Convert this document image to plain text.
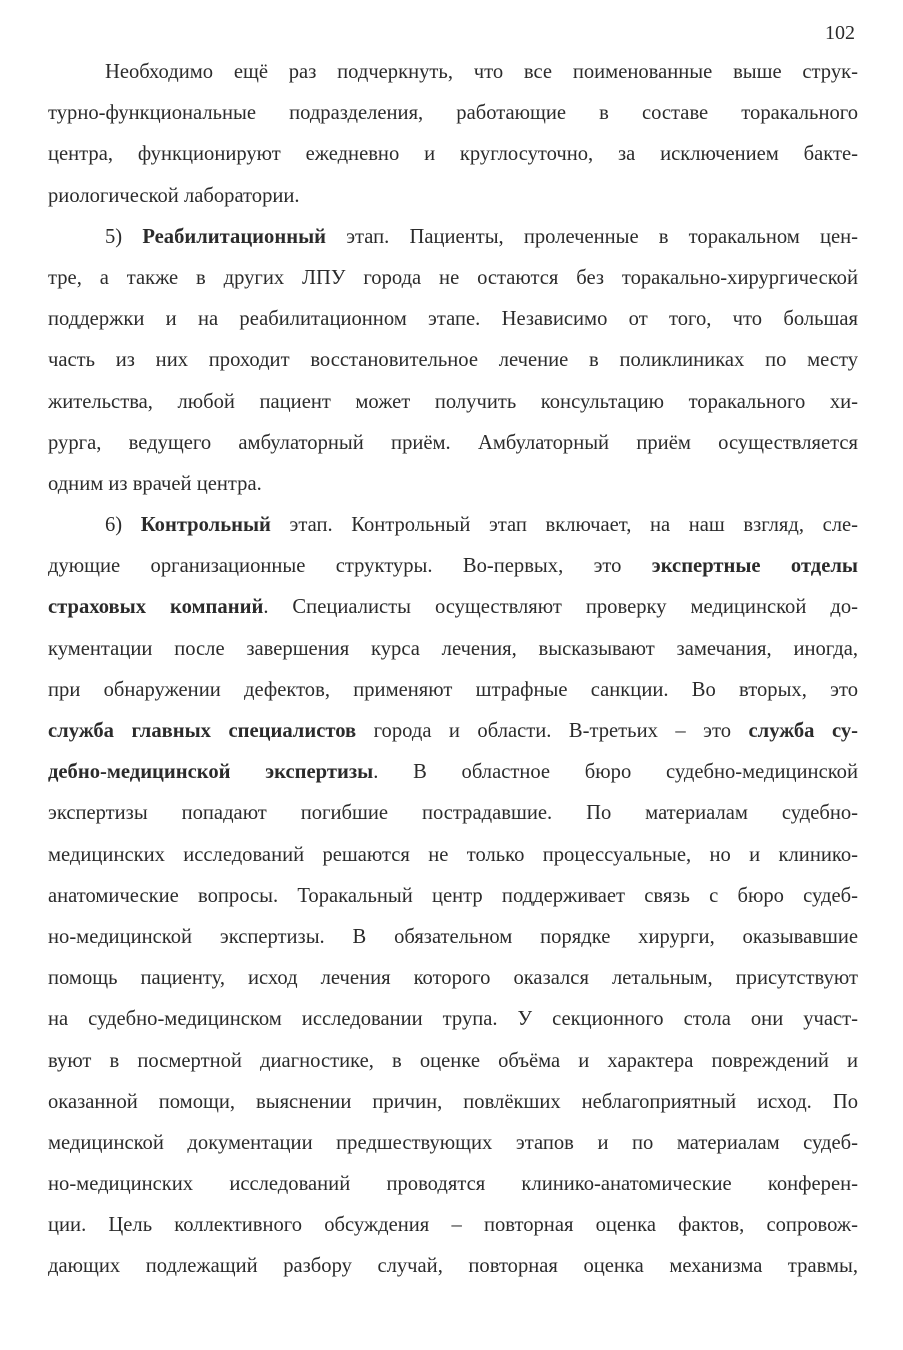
102
Необходимо ещё раз подчеркнуть, что все поименованные выше струк-
турно-функциональные подразделения, работающие в составе торакального
центра, функционируют ежедневно и круглосуточно, за исключением бакте-
риологической лаборатории.
5) Реабилитационный этап. Пациенты, пролеченные в торакальном цен-
тре, а также в других ЛПУ города не остаются без торакально-хирургической
поддержки и на реабилитационном этапе. Независимо от того, что большая
часть из них проходит восстановительное лечение в поликлиниках по месту
жительства, любой пациент может получить консультацию торакального хи-
рурга, ведущего амбулаторный приём. Амбулаторный приём осуществляется
одним из врачей центра.
6) Контрольный этап. Контрольный этап включает, на наш взгляд, сле-
дующие организационные структуры. Во-первых, это экспертные отделы
страховых компаний. Специалисты осуществляют проверку медицинской до-
кументации после завершения курса лечения, высказывают замечания, иногда,
при обнаружении дефектов, применяют штрафные санкции. Во вторых, это
служба главных специалистов города и области. В-третьих – это служба су-
дебно-медицинской экспертизы. В областное бюро судебно-медицинской
экспертизы попадают погибшие пострадавшие. По материалам судебно-
медицинских исследований решаются не только процессуальные, но и клинико-
анатомические вопросы. Торакальный центр поддерживает связь с бюро судеб-
но-медицинской экспертизы. В обязательном порядке хирурги, оказывавшие
помощь пациенту, исход лечения которого оказался летальным, присутствуют
на судебно-медицинском исследовании трупа. У секционного стола они участ-
вуют в посмертной диагностике, в оценке объёма и характера повреждений и
оказанной помощи, выяснении причин, повлёкших неблагоприятный исход. По
медицинской документации предшествующих этапов и по материалам судеб-
но-медицинских исследований проводятся клинико-анатомические конферен-
ции. Цель коллективного обсуждения – повторная оценка фактов, сопровож-
дающих подлежащий разбору случай, повторная оценка механизма травмы,
